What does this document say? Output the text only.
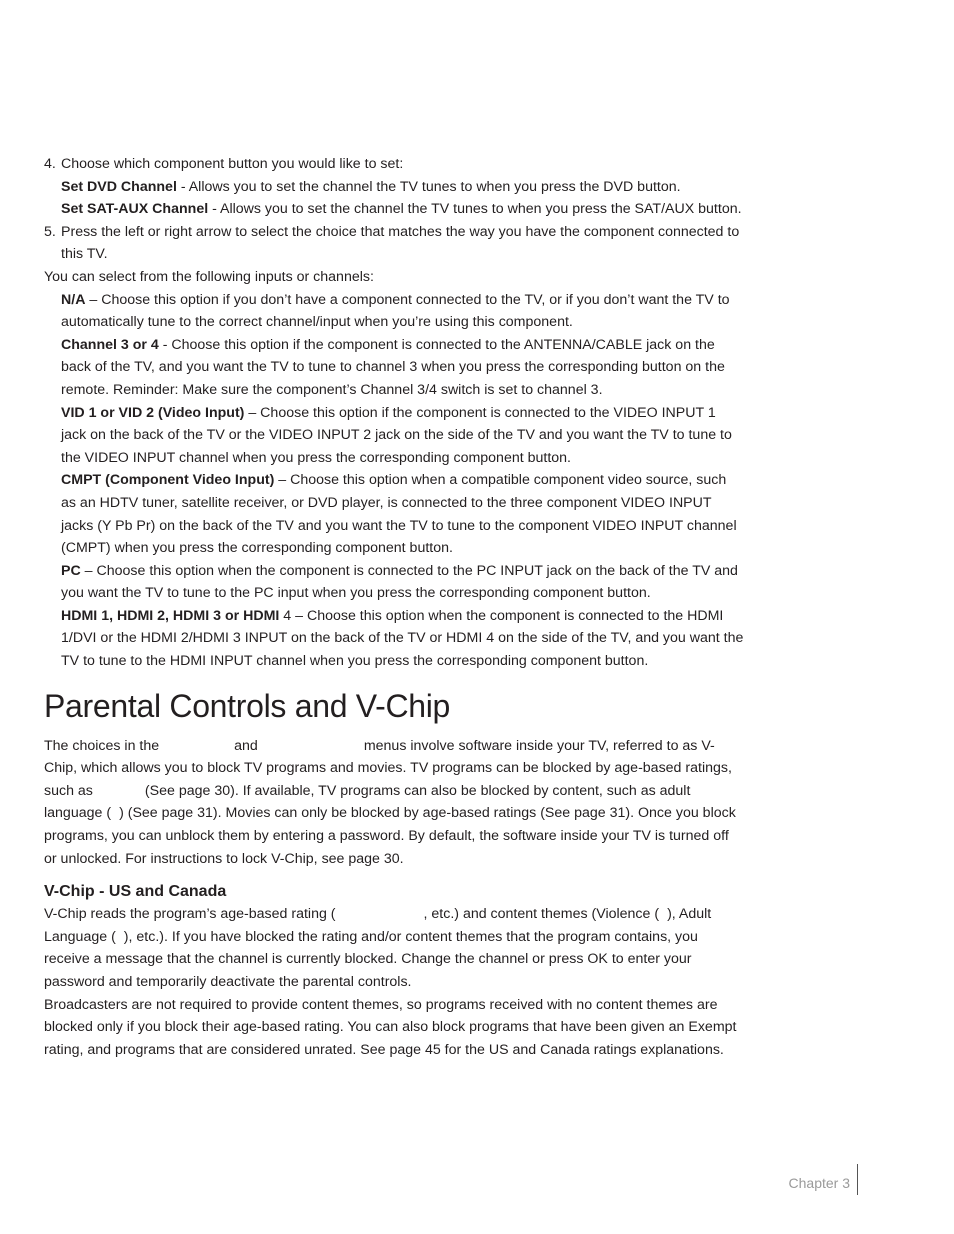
4. Choose which component button you would like to set:

Set DVD Channel - Allows you to set the channel the TV tunes to when you press the DVD button.

Set SAT-AUX Channel - Allows you to set the channel the TV tunes to when you press the SAT/AUX button.

5. Press the left or right arrow to select the choice that matches the way you have the component connected to this TV.

You can select from the following inputs or channels:

N/A – Choose this option if you don’t have a component connected to the TV, or if you don’t want the TV to automatically tune to the correct channel/input when you’re using this component.

Channel 3 or 4 - Choose this option if the component is connected to the ANTENNA/CABLE jack on the back of the TV, and you want the TV to tune to channel 3 when you press the corresponding button on the remote. Reminder: Make sure the component’s Channel 3/4 switch is set to channel 3.

VID 1 or VID 2 (Video Input) – Choose this option if the component is connected to the VIDEO INPUT 1 jack on the back of the TV or the VIDEO INPUT 2 jack on the side of the TV and you want the TV to tune to the VIDEO INPUT channel when you press the corresponding component button.

CMPT (Component Video Input) – Choose this option when a compatible component video source, such as an HDTV tuner, satellite receiver, or DVD player, is connected to the three component VIDEO INPUT jacks (Y Pb Pr) on the back of the TV and you want the TV to tune to the component VIDEO INPUT channel (CMPT) when you press the corresponding component button.

PC – Choose this option when the component is connected to the PC INPUT jack on the back of the TV and you want the TV to tune to the PC input when you press the corresponding component button.

HDMI 1, HDMI 2, HDMI 3 or HDMI 4 – Choose this option when the component is connected to the HDMI 1/DVI or the HDMI 2/HDMI 3 INPUT on the back of the TV or HDMI 4 on the side of the TV, and you want the TV to tune to the HDMI INPUT channel when you press the corresponding component button.

Parental Controls and V-Chip

The choices in the	and	menus involve software inside your TV, referred to as V-Chip, which allows you to block TV programs and movies. TV programs can be blocked by age-based ratings, such as	(See page 30). If available, TV programs can also be blocked by content, such as adult language ( ) (See page 31). Movies can only be blocked by age-based ratings (See page 31). Once you block programs, you can unblock them by entering a password. By default, the software inside your TV is turned off or unlocked. For instructions to lock V-Chip, see page 30.

V-Chip - US and Canada

V-Chip reads the program’s age-based rating (	, etc.) and content themes (Violence ( ), Adult Language ( ), etc.). If you have blocked the rating and/or content themes that the program contains, you receive a message that the channel is currently blocked. Change the channel or press OK to enter your password and temporarily deactivate the parental controls.

Broadcasters are not required to provide content themes, so programs received with no content themes are blocked only if you block their age-based rating. You can also block programs that have been given an Exempt rating, and programs that are considered unrated. See page 45 for the US and Canada ratings explanations.

Chapter 3
